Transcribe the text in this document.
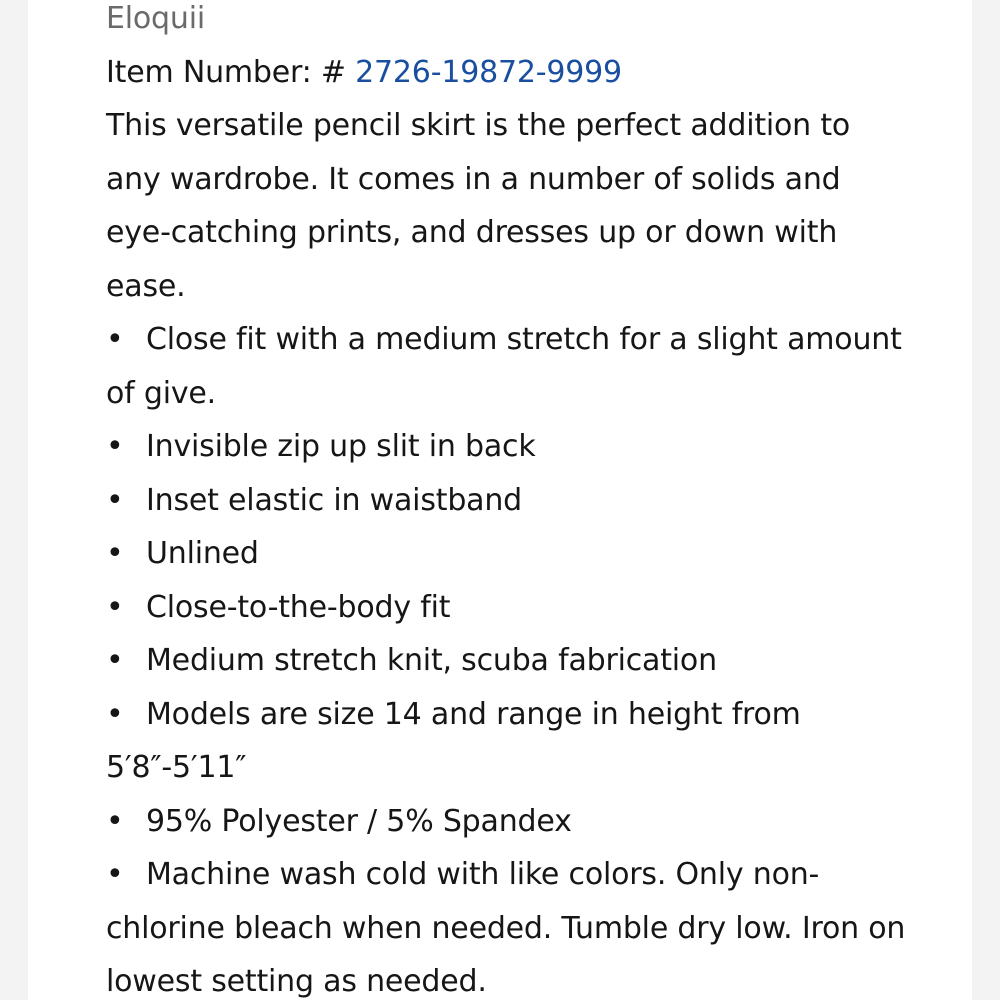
Eloquii

Item Number: # 2726-19872-9999

This versatile pencil skirt is the perfect addition to any wardrobe. It comes in a number of solids and eye-catching prints, and dresses up or down with ease.

• Close fit with a medium stretch for a slight amount of give.
• Invisible zip up slit in back
• Inset elastic in waistband
• Unlined
• Close-to-the-body fit
• Medium stretch knit, scuba fabrication
• Models are size 14 and range in height from 5′8″-5′11″
• 95% Polyester / 5% Spandex
• Machine wash cold with like colors. Only non-chlorine bleach when needed. Tumble dry low. Iron on lowest setting as needed.
